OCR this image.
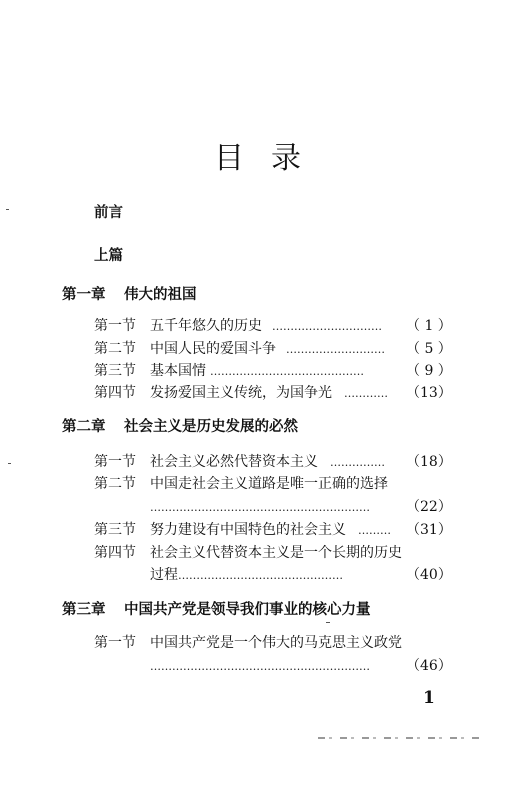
目 录
前言
上篇
第一章 伟大的祖国
第一节 五千年悠久的历史 ………………………… （ 1 ）
第二节 中国人民的爱国斗争 ……………………… （ 5 ）
第三节 基本国情 ……………………………………	（ 9 ）
第四节 发扬爱国主义传统，为国争光 ………… （13）
第二章 社会主义是历史发展的必然
第一节 社会主义必然代替资本主义 …………… （18）
第二节 中国走社会主义道路是唯一正确的选择
……………………………………………………	（22）
第三节 努力建设有中国特色的社会主义 ……… （31）
第四节 社会主义代替资本主义是一个长期的历史
过程 ………………………………………	（40）
第三章 中国共产党是领导我们事业的核心力量
第一节 中国共产党是一个伟大的马克思主义政党
……………………………………………………	（46）
1
